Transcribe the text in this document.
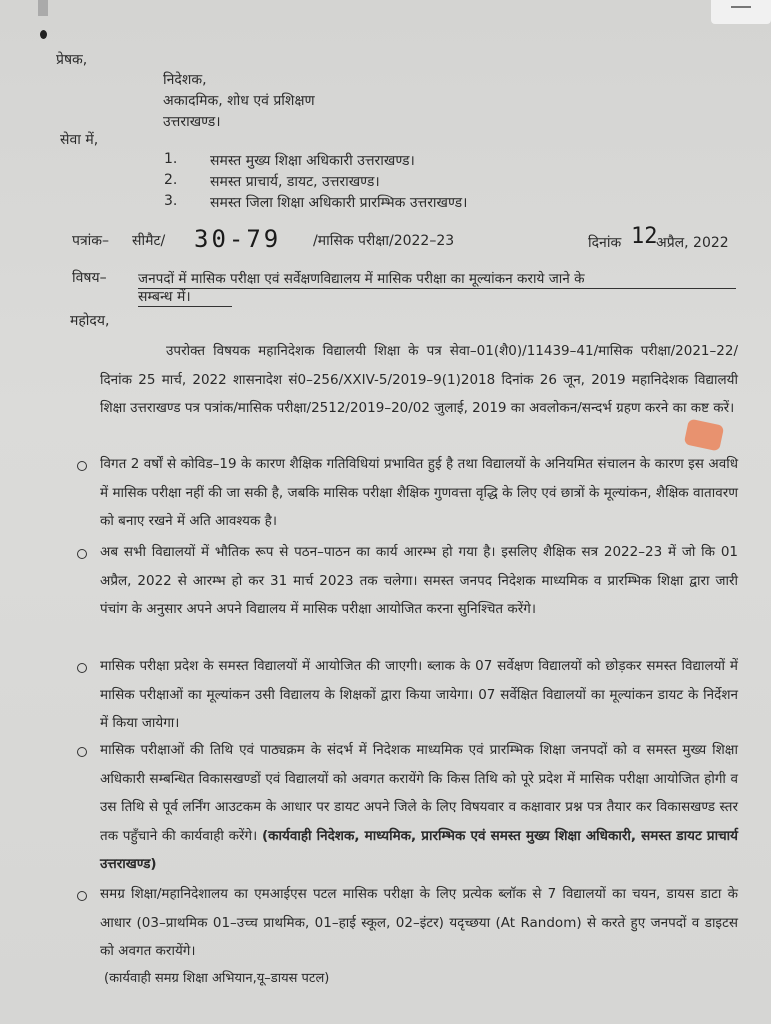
प्रेषक,
निदेशक,
अकादमिक, शोध एवं प्रशिक्षण
उत्तराखण्ड।
सेवा में,
1. समस्त मुख्य शिक्षा अधिकारी उत्तराखण्ड।
2. समस्त प्राचार्य, डायट, उत्तराखण्ड।
3. समस्त जिला शिक्षा अधिकारी प्रारम्भिक उत्तराखण्ड।
पत्रांक– सीमैट/ 30-79 /मासिक परीक्षा/2022–23	दिनांक 12
अप्रैल, 2022
विषय– जनपदों में मासिक परीक्षा एवं सर्वेक्षणविद्यालय में मासिक परीक्षा का मूल्यांकन कराये जाने के
सम्बन्ध में।
महोदय,
उपरोक्त विषयक महानिदेशक विद्यालयी शिक्षा के पत्र सेवा–01(शै0)/11439–41/मासिक परीक्षा/2021–22/दिनांक 25 मार्च, 2022 शासनादेश सं0–256/XXIV-5/2019–9(1)2018 दिनांक 26 जून, 2019 महानिदेशक विद्यालयी शिक्षा उत्तराखण्ड पत्र पत्रांक/मासिक परीक्षा/2512/2019–20/02 जुलाई, 2019 का अवलोकन/सन्दर्भ ग्रहण करने का कष्ट करें।
विगत 2 वर्षों से कोविड–19 के कारण शैक्षिक गतिविधियां प्रभावित हुई है तथा विद्यालयों के अनियमित संचालन के कारण इस अवधि में मासिक परीक्षा नहीं की जा सकी है, जबकि मासिक परीक्षा शैक्षिक गुणवत्ता वृद्धि के लिए एवं छात्रों के मूल्यांकन, शैक्षिक वातावरण को बनाए रखने में अति आवश्यक है।
अब सभी विद्यालयों में भौतिक रूप से पठन–पाठन का कार्य आरम्भ हो गया है। इसलिए शैक्षिक सत्र 2022–23 में जो कि 01 अप्रैल, 2022 से आरम्भ हो कर 31 मार्च 2023 तक चलेगा। समस्त जनपद निदेशक माध्यमिक व प्रारम्भिक शिक्षा द्वारा जारी पंचांग के अनुसार अपने अपने विद्यालय में मासिक परीक्षा आयोजित करना सुनिश्चित करेंगे।
मासिक परीक्षा प्रदेश के समस्त विद्यालयों में आयोजित की जाएगी। ब्लाक के 07 सर्वेक्षण विद्यालयों को छोड़कर समस्त विद्यालयों में मासिक परीक्षाओं का मूल्यांकन उसी विद्यालय के शिक्षकों द्वारा किया जायेगा। 07 सर्वेक्षित विद्यालयों का मूल्यांकन डायट के निर्देशन में किया जायेगा।
मासिक परीक्षाओं की तिथि एवं पाठ्यक्रम के संदर्भ में निदेशक माध्यमिक एवं प्रारम्भिक शिक्षा जनपदों को व समस्त मुख्य शिक्षा अधिकारी सम्बन्धित विकासखण्डों एवं विद्यालयों को अवगत करायेंगे कि किस तिथि को पूरे प्रदेश में मासिक परीक्षा आयोजित होगी व उस तिथि से पूर्व लर्निंग आउटकम के आधार पर डायट अपने जिले के लिए विषयवार व कक्षावार प्रश्न पत्र तैयार कर विकासखण्ड स्तर तक पहुँचाने की कार्यवाही करेंगे। (कार्यवाही निदेशक, माध्यमिक, प्रारम्भिक एवं समस्त मुख्य शिक्षा अधिकारी, समस्त डायट प्राचार्य उत्तराखण्ड)
समग्र शिक्षा/महानिदेशालय का एमआईएस पटल मासिक परीक्षा के लिए प्रत्येक ब्लॉक से 7 विद्यालयों का चयन, डायस डाटा के आधार (03–प्राथमिक 01–उच्च प्राथमिक, 01–हाई स्कूल, 02–इंटर) यदृच्छया (At Random) से करते हुए जनपदों व डाइटस को अवगत करायेंगे।
(कार्यवाही समग्र शिक्षा अभियान,यू–डायस पटल)
